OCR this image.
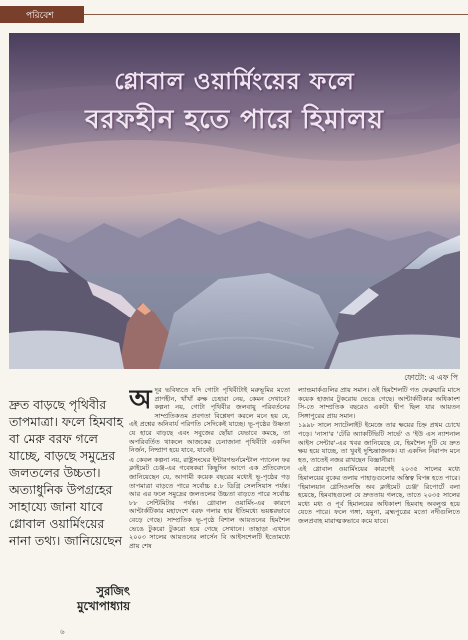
পরিবেশ
গ্লোবাল ওয়ার্মিংয়ের ফলে
বরফহীন হতে পারে হিমালয়
ফোটো: এ এফ পি

দ্রুত বাড়ছে পৃথিবীর তাপমাত্রা। ফলে হিমবাহ বা মেরু বরফ গলে যাচ্ছে, বাড়ছে সমুদ্রের জলতলের উচ্চতা। অত্যাধুনিক উপগ্রহের সাহায্যে জানা যাবে গ্লোবাল ওয়ার্মিংয়ের নানা তথ্য। জানিয়েছেন

সুরজিৎ
মুখোপাধ্যায়
অ দূর ভবিষ্যতে যদি গোটা পৃথিবীটাই মরুভূমির মতো প্রাণহীন, খাঁখাঁ রুক্ষ চেহারা নেয়, কেমন দেখাবে? কল্পনা নয়, গোটা পৃথিবীর জলবায়ু পরিবর্তনের সাম্প্রতিকতম প্রবণতা বিশ্লেষণ করলে মনে হয় যে, এই প্রশ্নের অনিবার্য পরিণতি সেদিকেই যাচ্ছে। ভূ-পৃষ্ঠের উষ্ণতা যে হারে বাড়ছে এবং সবুজের ছোঁয়া যেভাবে কমছে, তা অপরিবর্তিত থাকলে আজকের চেনাজানা পৃথিবীটা একদিন নির্জন, নিষ্প্রাণ হয়ে যাবে, যাবেই।

এ কেবল কল্পনা নয়, রাষ্ট্রসংঘের ইন্টারগভর্নমেন্টাল প্যানেল ফর ক্লাইমেট চেঞ্জ-এর গবেষকরা কিছুদিন আগে এক প্রতিবেদনে জানিয়েছেন যে, আগামী কয়েক বছরের মধ্যেই ভূ-পৃষ্ঠের গড় তাপমাত্রা বাড়তে পারে সর্বোচ্চ ৫.৮ ডিগ্রি সেলসিয়াস পর্যন্ত। আর এর ফলে সমুদ্রের জলতলের উচ্চতা বাড়তে পারে সর্বোচ্চ ৮৮ সেন্টিমিটার পর্যন্ত। গ্লোবাল ওয়ার্মিং-এর কারণে আন্টার্কটিকার মহাদেশে বরফ গলার হার ইতিমধ্যে ভয়ঙ্করভাবে বেড়ে গেছে। সাম্প্রতিক ভূ-পৃষ্ঠে বিশাল আয়তনের হিমশৈল ভেঙে টুকরো টুকরো হয়ে গেছে সেখানে। তাছাড়া এখানে ২০০৩ সালের আয়তনের লার্সেন বি আইসশেলটি ইতোমধ্যে প্রায় শেষ

ল্যান্ডমার্কগুলির প্রায় সমান। ওই হিমশৈলটি গত ফেব্রুয়ারি মাসে কয়েক হাজার টুকরোয় ভেঙে গেছে। আন্টার্কটিকার অধিকাংশ সি-তে সাম্প্রতিক বছরেও একটা দ্বীপ ছিল যার আয়তন সিঙ্গাপুরের প্রায় সমান।

১৯৯৮ সালে স্যাটেলাইট ইমেজে তার ক্ষয়ের চিহ্ন প্রথম চোখে পড়ে। 'নাসা'র 'টেরি অ্যাকটিভিটি সার্ভে' ও 'ইউ এস ন্যাশনাল আইস সেন্টার'-এর খবর জানিয়েছে যে, হিমশৈল দুটি যে দ্রুত ক্ষয় হয়ে যাচ্ছে, তা খুবই দুশ্চিন্তাজনক। যা একদিন নিরাপদ মনে হত, তাতেই নজর রাখছেন বিজ্ঞানীরা।

এই গ্লোবাল ওয়ার্মিংয়ের কারণেই ২০৩৫ সালের মধ্যে হিমালয়ের বুকের তলায় পাহাড়গুলোর অস্তিত্ব বিপন্ন হতে পারে। 'হিমালয়ান গ্লেসিওলজি অব ক্লাইমেট চেঞ্জ' রিপোর্টে বলা হয়েছে, হিমবাহগুলো যে দ্রুততায় গলছে, তাতে ২০৩৫ সালের মধ্যে মধ্য ও পূর্ব হিমালয়ের অধিকাংশ হিমবাহ অবলুপ্ত হয়ে যেতে পারে। ফলে গঙ্গা, যমুনা, ব্রহ্মপুত্রের মতো নদীগুলিতে জলপ্রবাহ মারাত্মকভাবে কমে যাবে।

৬
